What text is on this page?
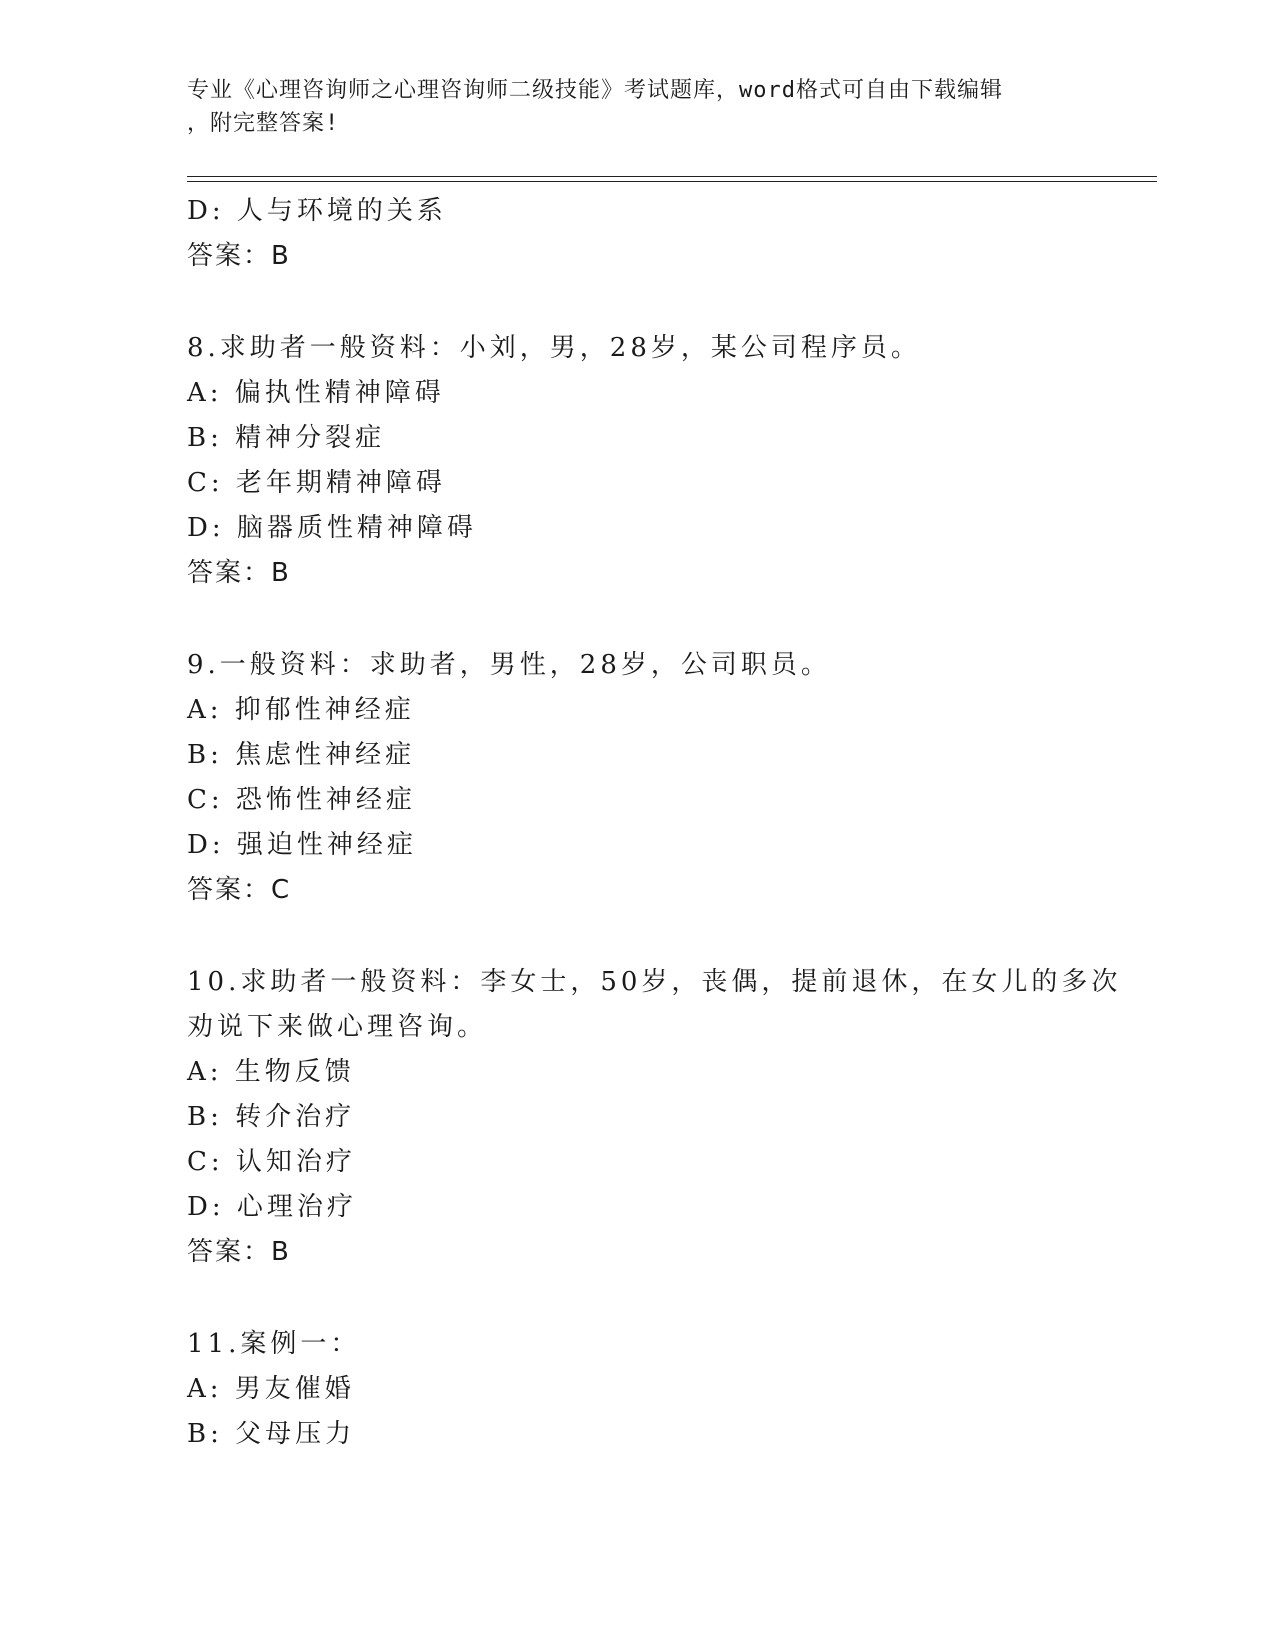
专业《心理咨询师之心理咨询师二级技能》考试题库，word格式可自由下载编辑
，附完整答案!
D: 人与环境的关系
答案：B
8.求助者一般资料：小刘，男，28岁，某公司程序员。
A: 偏执性精神障碍
B: 精神分裂症
C: 老年期精神障碍
D: 脑器质性精神障碍
答案：B
9.一般资料：求助者，男性，28岁，公司职员。
A: 抑郁性神经症
B: 焦虑性神经症
C: 恐怖性神经症
D: 强迫性神经症
答案：C
10.求助者一般资料：李女士，50岁，丧偶，提前退休，在女儿的多次
劝说下来做心理咨询。
A: 生物反馈
B: 转介治疗
C: 认知治疗
D: 心理治疗
答案：B
11.案例一：
A: 男友催婚
B: 父母压力
